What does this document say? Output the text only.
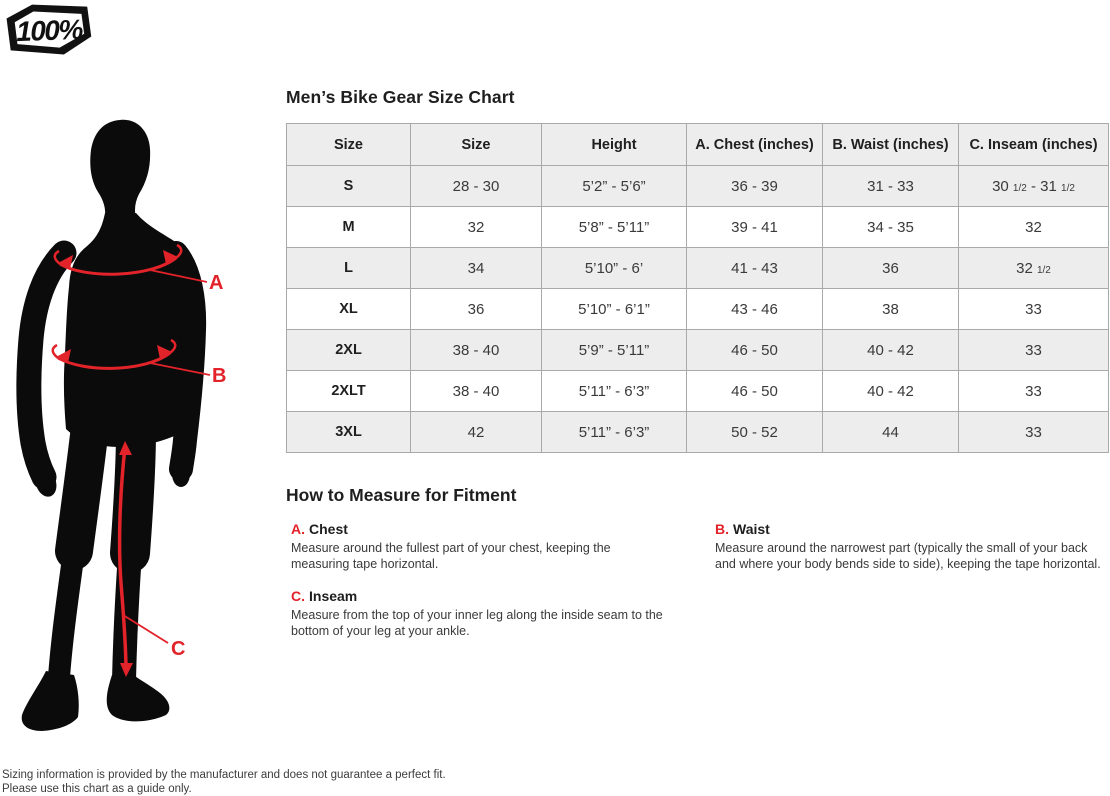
100%
A
B
C
Men’s Bike Gear Size Chart
Size	Size	Height	A. Chest (inches)	B. Waist (inches)	C. Inseam (inches)
S	28 - 30	5’2” - 5’6”	36 - 39	31 - 33	30 1/2 - 31 1/2
M	32	5’8” - 5’11”	39 - 41	34 - 35	32
L	34	5’10” - 6’	41 - 43	36	32 1/2
XL	36	5’10” - 6’1”	43 - 46	38	33
2XL	38 - 40	5’9” - 5’11”	46 - 50	40 - 42	33
2XLT	38 - 40	5’11” - 6’3”	46 - 50	40 - 42	33
3XL	42	5’11” - 6’3”	50 - 52	44	33
How to Measure for Fitment
A. Chest

Measure around the fullest part of your chest, keeping the measuring tape horizontal.

B. Waist

Measure around the narrowest part (typically the small of your back and where your body bends side to side), keeping the tape horizontal.

C. Inseam

Measure from the top of your inner leg along the inside seam to the bottom of your leg at your ankle.

Sizing information is provided by the manufacturer and does not guarantee a perfect fit.
Please use this chart as a guide only.
